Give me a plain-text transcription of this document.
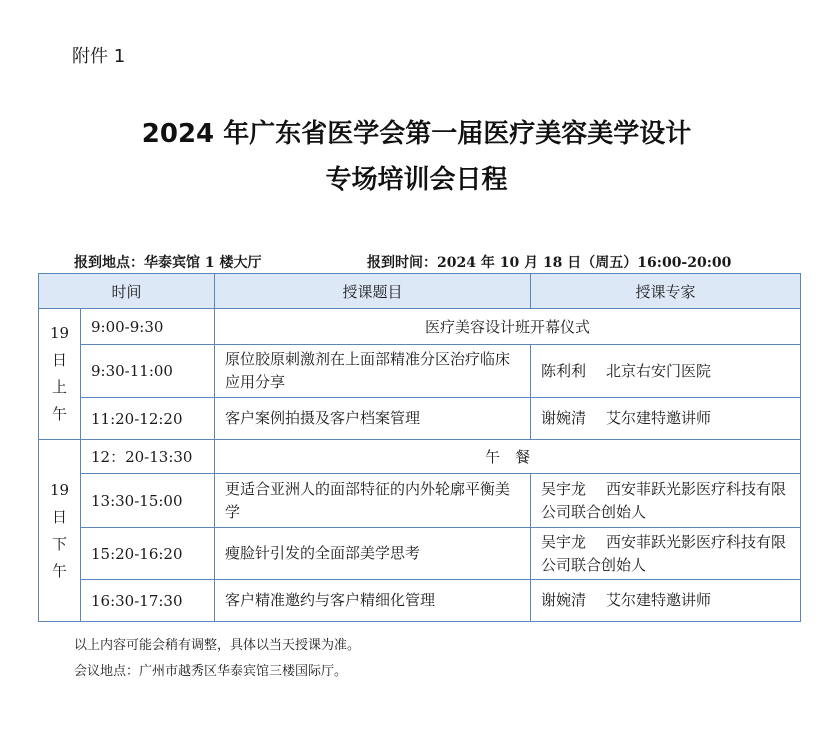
附件 1
2024 年广东省医学会第一届医疗美容美学设计
专场培训会日程
报到地点：华泰宾馆 1 楼大厅	报到时间：2024 年 10 月 18 日（周五）16:00-20:00
时间		授课题目	授课专家

19
日
上
午	9:00-9:30	医疗美容设计班开幕仪式	
	9:30-11:00	原位胶原刺激剂在上面部精准分区治疗临床应用分享	陈利利 北京右安门医院
	11:20-12:20	客户案例拍摄及客户档案管理	谢婉清 艾尔建特邀讲师

19
日
下
午	12：20-13:30	午　餐	
	13:30-15:00	更适合亚洲人的面部特征的内外轮廓平衡美学	吴宇龙 西安菲跃光影医疗科技有限公司联合创始人
	15:20-16:20	瘦脸针引发的全面部美学思考	吴宇龙 西安菲跃光影医疗科技有限公司联合创始人
	16:30-17:30	客户精准邀约与客户精细化管理	谢婉清 艾尔建特邀讲师
以上内容可能会稍有调整，具体以当天授课为准。
会议地点：广州市越秀区华泰宾馆三楼国际厅。
